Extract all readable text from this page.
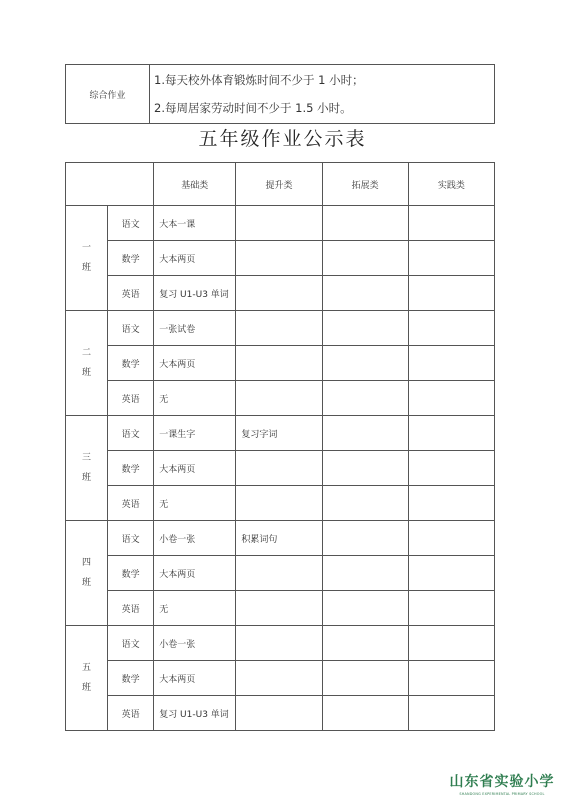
综合作业	
1.每天校外体育锻炼时间不少于 1 小时；
2.每周居家劳动时间不少于 1.5 小时。
五年级作业公示表
		基础类	提升类	拓展类	实践类

一
班	语文	大本一课			
	数学	大本两页			
	英语	复习 U1-U3 单词			

二
班	语文	一张试卷			
	数学	大本两页			
	英语	无			

三
班	语文	一课生字	复习字词		
	数学	大本两页			
	英语	无			

四
班	语文	小卷一张	积累词句		
	数学	大本两页			
	英语	无			

五
班	语文	小卷一张			
	数学	大本两页			
	英语	复习 U1-U3 单词			
山东省实验小学
SHANDONG EXPERIMENTAL PRIMARY SCHOOL
